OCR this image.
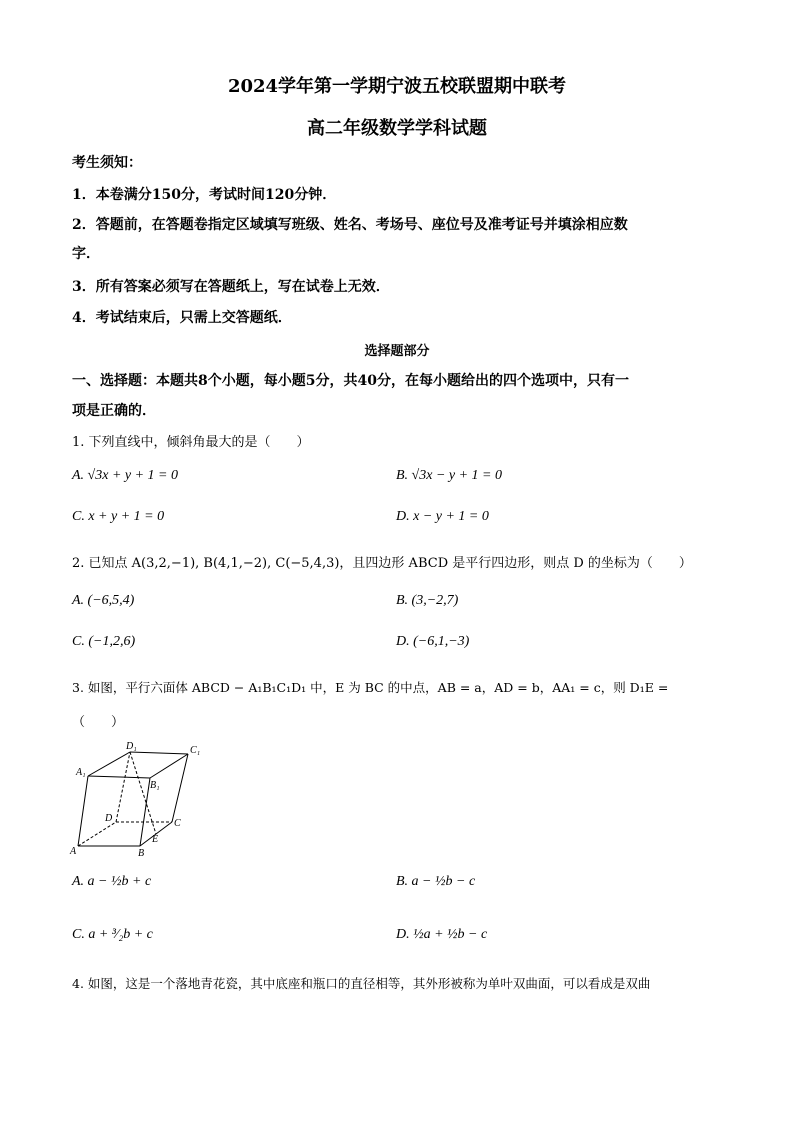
2024学年第一学期宁波五校联盟期中联考
高二年级数学学科试题
考生须知：
1．本卷满分150分，考试时间120分钟．
2．答题前，在答题卷指定区域填写班级、姓名、考场号、座位号及准考证号并填涂相应数
字．
3．所有答案必须写在答题纸上，写在试卷上无效．
4．考试结束后，只需上交答题纸．
选择题部分
一、选择题：本题共8个小题，每小题5分，共40分，在每小题给出的四个选项中，只有一
项是正确的．
1. 下列直线中，倾斜角最大的是（　　）
A. √3x + y + 1 = 0	B. √3x − y + 1 = 0
C. x + y + 1 = 0	D. x − y + 1 = 0
2. 已知点 A(3,2,−1), B(4,1,−2), C(−5,4,3)，且四边形 ABCD 是平行四边形，则点 D 的坐标为（　　）
A. (−6,5,4)	B. (3,−2,7)
C. (−1,2,6)	D. (−6,1,−3)
3. 如图，平行六面体 ABCD − A₁B₁C₁D₁ 中，E 为 BC 的中点，AB = a，AD = b，AA₁ = c，则 D₁E =
（　　）
D₁	C₁
A₁
B₁
D	C
E
A	B
A. a − ½b + c	B. a − ½b − c
C. a + ³⁄₂b + c	D. ½a + ½b − c
4. 如图，这是一个落地青花瓷，其中底座和瓶口的直径相等，其外形被称为单叶双曲面，可以看成是双曲
